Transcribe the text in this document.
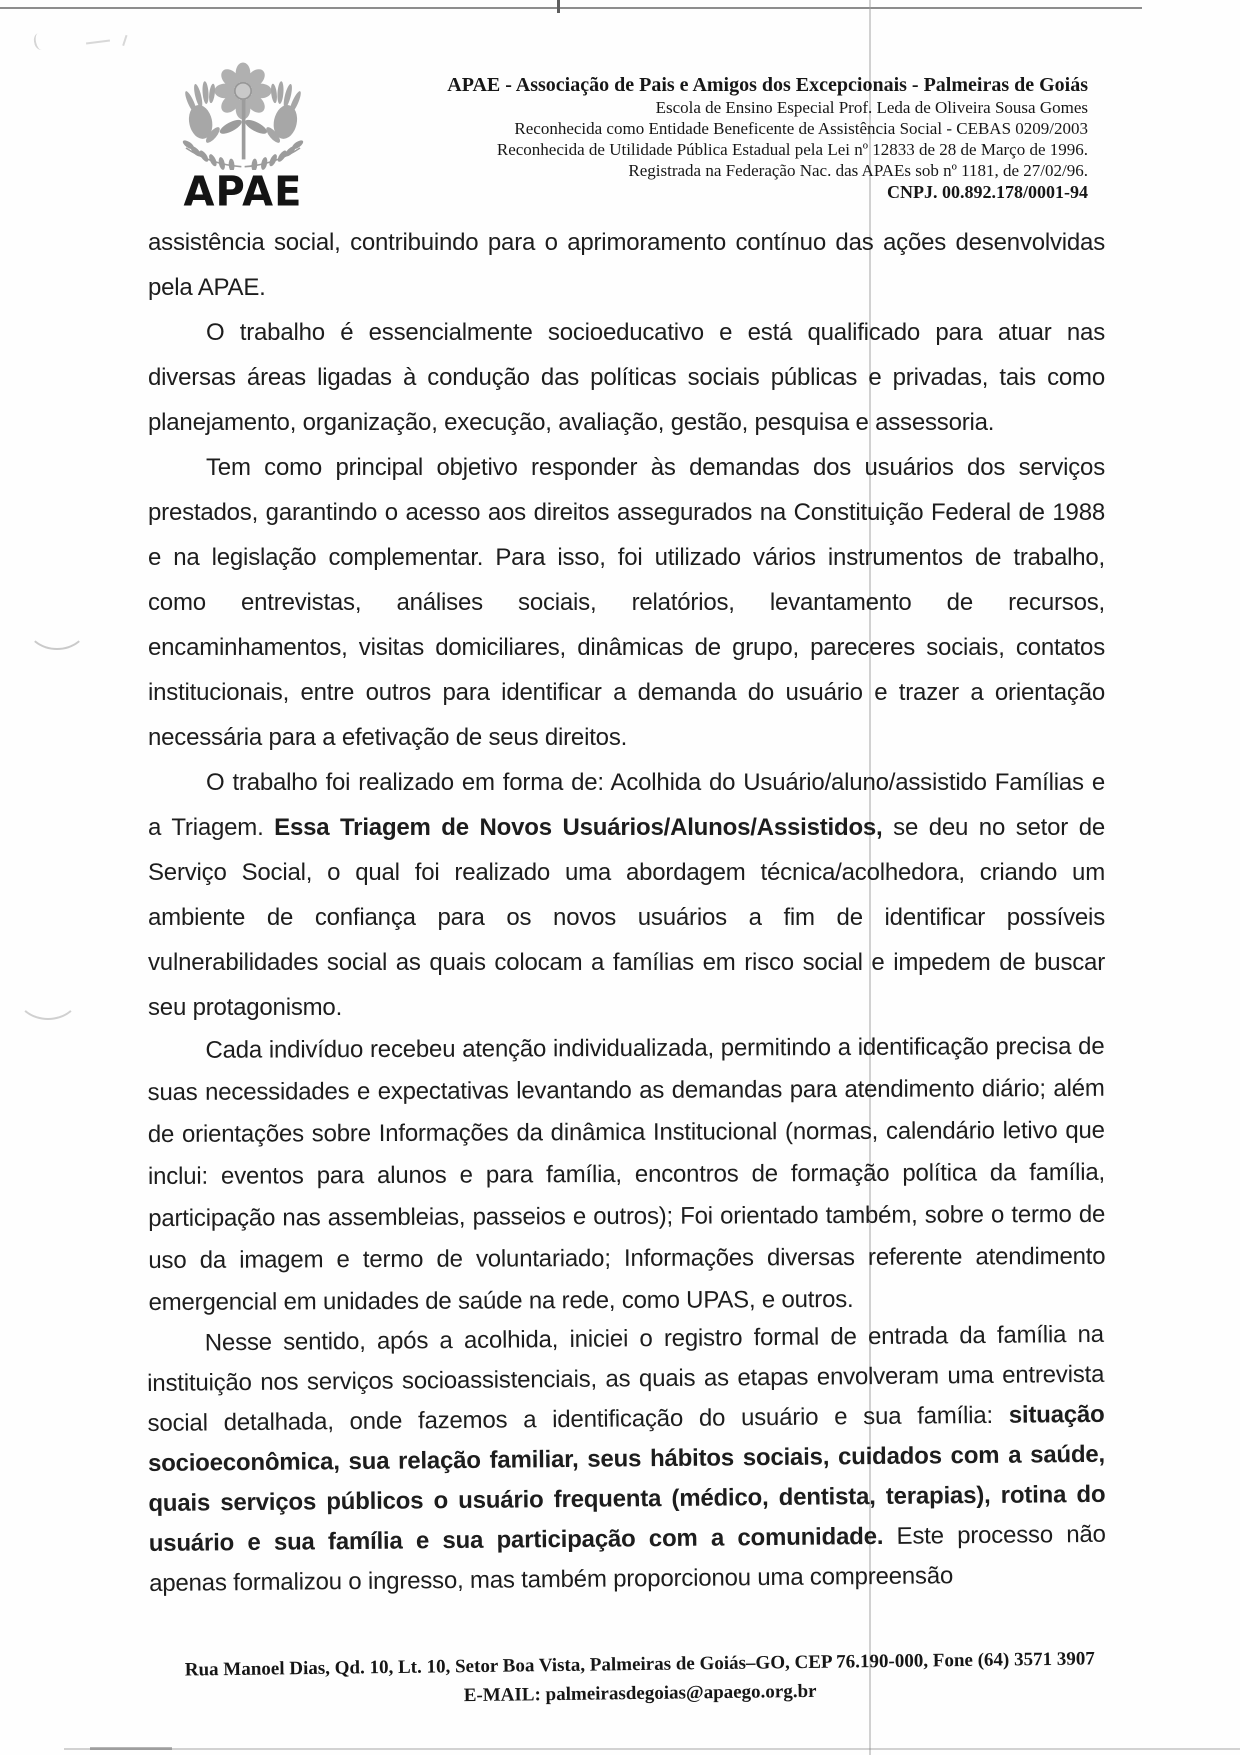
APAE
APAE - Associação de Pais e Amigos dos Excepcionais - Palmeiras de Goiás
Escola de Ensino Especial Prof. Leda de Oliveira Sousa Gomes
Reconhecida como Entidade Beneficente de Assistência Social - CEBAS 0209/2003
Reconhecida de Utilidade Pública Estadual pela Lei nº 12833 de 28 de Março de 1996.
Registrada na Federação Nac. das APAEs sob nº 1181, de 27/02/96.
CNPJ. 00.892.178/0001-94

assistência social, contribuindo para o aprimoramento contínuo das ações desenvolvidas pela APAE.

O trabalho é essencialmente socioeducativo e está qualificado para atuar nas diversas áreas ligadas à condução das políticas sociais públicas e privadas, tais como planejamento, organização, execução, avaliação, gestão, pesquisa e assessoria.

Tem como principal objetivo responder às demandas dos usuários dos serviços prestados, garantindo o acesso aos direitos assegurados na Constituição Federal de 1988 e na legislação complementar. Para isso, foi utilizado vários instrumentos de trabalho, como entrevistas, análises sociais, relatórios, levantamento de recursos, encaminhamentos, visitas domiciliares, dinâmicas de grupo, pareceres sociais, contatos institucionais, entre outros para identificar a demanda do usuário e trazer a orientação necessária para a efetivação de seus direitos.

O trabalho foi realizado em forma de: Acolhida do Usuário/aluno/assistido Famílias e a Triagem. Essa Triagem de Novos Usuários/Alunos/Assistidos, se deu no setor de Serviço Social, o qual foi realizado uma abordagem técnica/acolhedora, criando um ambiente de confiança para os novos usuários a fim de identificar possíveis vulnerabilidades social as quais colocam a famílias em risco social e impedem de buscar seu protagonismo.

Cada indivíduo recebeu atenção individualizada, permitindo a identificação precisa de suas necessidades e expectativas levantando as demandas para atendimento diário; além de orientações sobre Informações da dinâmica Institucional (normas, calendário letivo que inclui: eventos para alunos e para família, encontros de formação política da família, participação nas assembleias, passeios e outros); Foi orientado também, sobre o termo de uso da imagem e termo de voluntariado; Informações diversas referente atendimento emergencial em unidades de saúde na rede, como UPAS, e outros.

Nesse sentido, após a acolhida, iniciei o registro formal de entrada da família na instituição nos serviços socioassistenciais, as quais as etapas envolveram uma entrevista social detalhada, onde fazemos a identificação do usuário e sua família: situação socioeconômica, sua relação familiar, seus hábitos sociais, cuidados com a saúde, quais serviços públicos o usuário frequenta (médico, dentista, terapias), rotina do usuário e sua família e sua participação com a comunidade. Este processo não apenas formalizou o ingresso, mas também proporcionou uma compreensão

Rua Manoel Dias, Qd. 10, Lt. 10, Setor Boa Vista, Palmeiras de Goiás–GO, CEP 76.190-000, Fone (64) 3571 3907
E-MAIL: palmeirasdegoias@apaego.org.br
